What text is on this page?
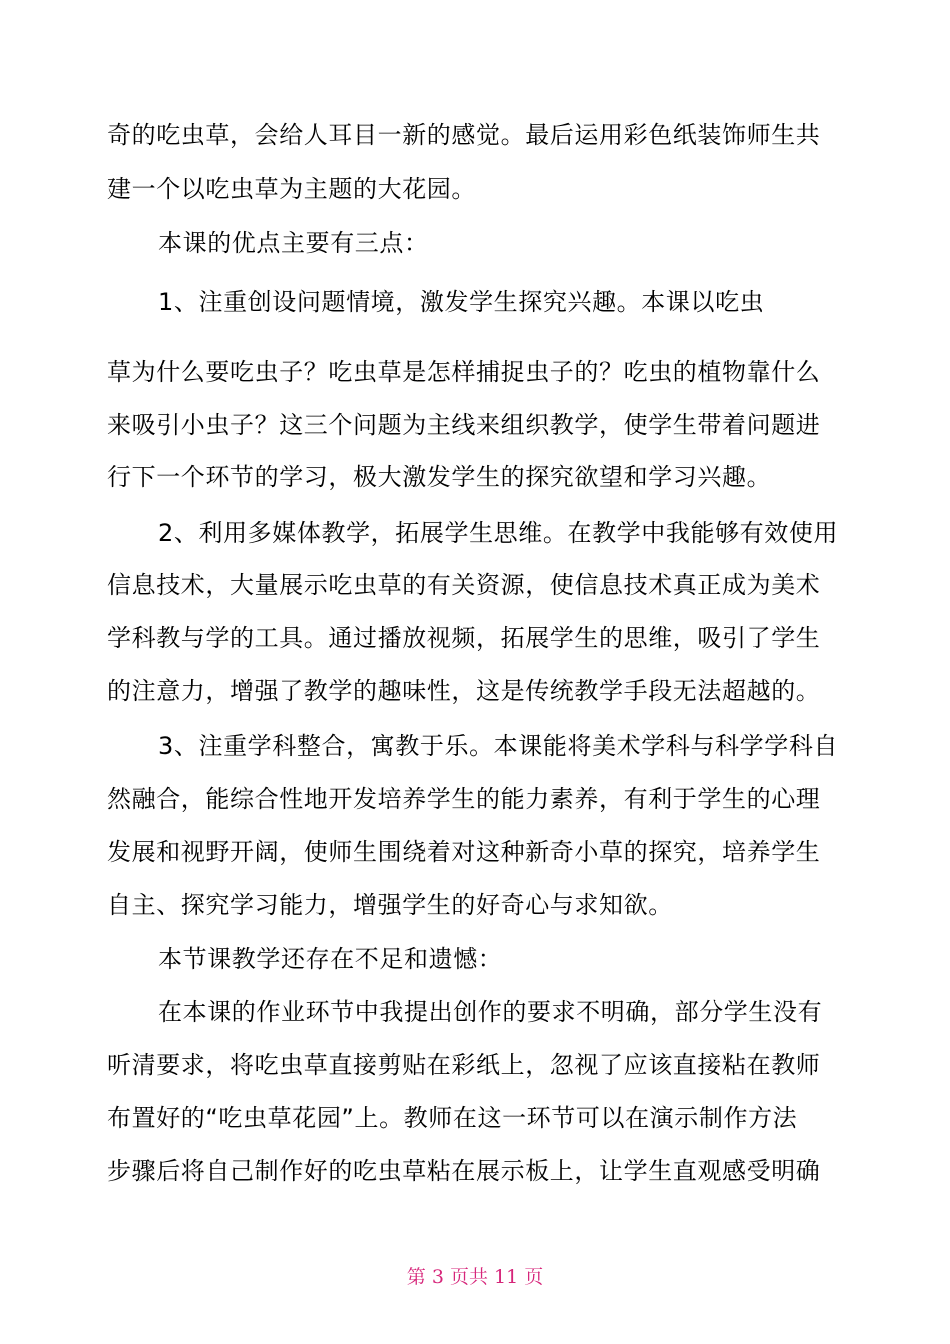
奇的吃虫草，会给人耳目一新的感觉。最后运用彩色纸装饰师生共
建一个以吃虫草为主题的大花园。
本课的优点主要有三点：
1、注重创设问题情境，激发学生探究兴趣。本课以吃虫
草为什么要吃虫子？吃虫草是怎样捕捉虫子的？吃虫的植物靠什么
来吸引小虫子？这三个问题为主线来组织教学，使学生带着问题进
行下一个环节的学习，极大激发学生的探究欲望和学习兴趣。
2、利用多媒体教学，拓展学生思维。在教学中我能够有效使用
信息技术，大量展示吃虫草的有关资源，使信息技术真正成为美术
学科教与学的工具。通过播放视频，拓展学生的思维，吸引了学生
的注意力，增强了教学的趣味性，这是传统教学手段无法超越的。
3、注重学科整合，寓教于乐。本课能将美术学科与科学学科自
然融合，能综合性地开发培养学生的能力素养，有利于学生的心理
发展和视野开阔，使师生围绕着对这种新奇小草的探究，培养学生
自主、探究学习能力，增强学生的好奇心与求知欲。
本节课教学还存在不足和遗憾：
在本课的作业环节中我提出创作的要求不明确，部分学生没有
听清要求，将吃虫草直接剪贴在彩纸上，忽视了应该直接粘在教师
布置好的“吃虫草花园”上。教师在这一环节可以在演示制作方法
步骤后将自己制作好的吃虫草粘在展示板上，让学生直观感受明确
第 3 页共 11 页
